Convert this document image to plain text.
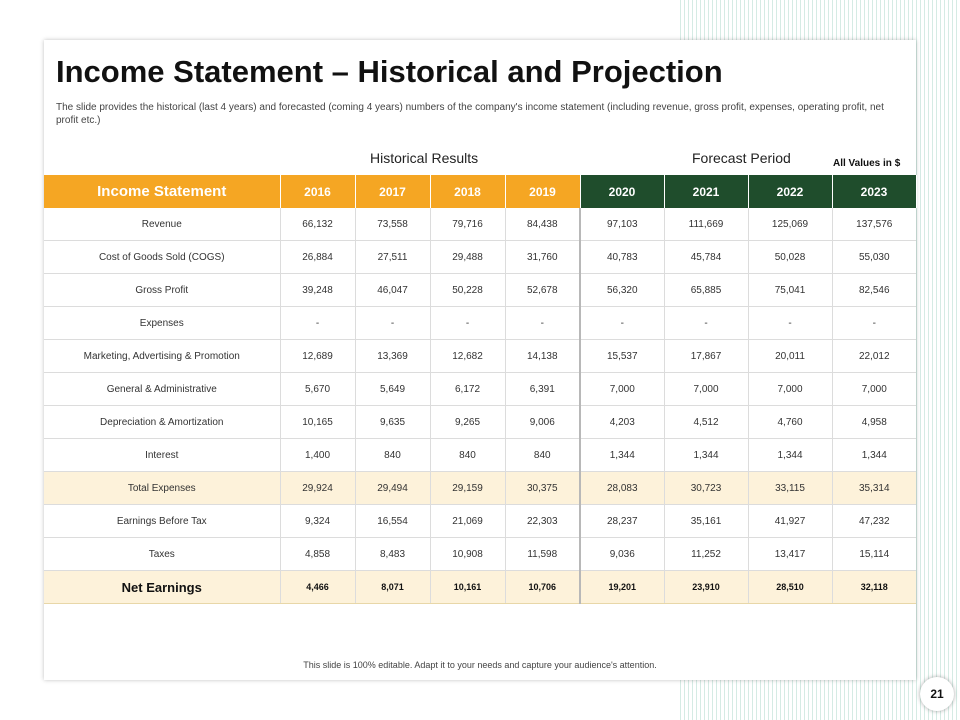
Income Statement – Historical and Projection

The slide provides the historical (last 4 years) and forecasted (coming 4 years) numbers of the company's income statement (including revenue, gross profit, expenses, operating profit, net profit etc.)

Historical Results	Forecast Period	All Values in $
Income Statement	2016	2017	2018	2019	2020	2021	2022	2023
Revenue	66,132	73,558	79,716	84,438	97,103	111,669	125,069	137,576
Cost of Goods Sold (COGS)	26,884	27,511	29,488	31,760	40,783	45,784	50,028	55,030
Gross Profit	39,248	46,047	50,228	52,678	56,320	65,885	75,041	82,546
Expenses	-	-	-	-	-	-	-	-
Marketing, Advertising & Promotion	12,689	13,369	12,682	14,138	15,537	17,867	20,011	22,012
General & Administrative	5,670	5,649	6,172	6,391	7,000	7,000	7,000	7,000
Depreciation & Amortization	10,165	9,635	9,265	9,006	4,203	4,512	4,760	4,958
Interest	1,400	840	840	840	1,344	1,344	1,344	1,344
Total Expenses	29,924	29,494	29,159	30,375	28,083	30,723	33,115	35,314
Earnings Before Tax	9,324	16,554	21,069	22,303	28,237	35,161	41,927	47,232
Taxes	4,858	8,483	10,908	11,598	9,036	11,252	13,417	15,114
Net Earnings	4,466	8,071	10,161	10,706	19,201	23,910	28,510	32,118
This slide is 100% editable. Adapt it to your needs and capture your audience's attention.
21
